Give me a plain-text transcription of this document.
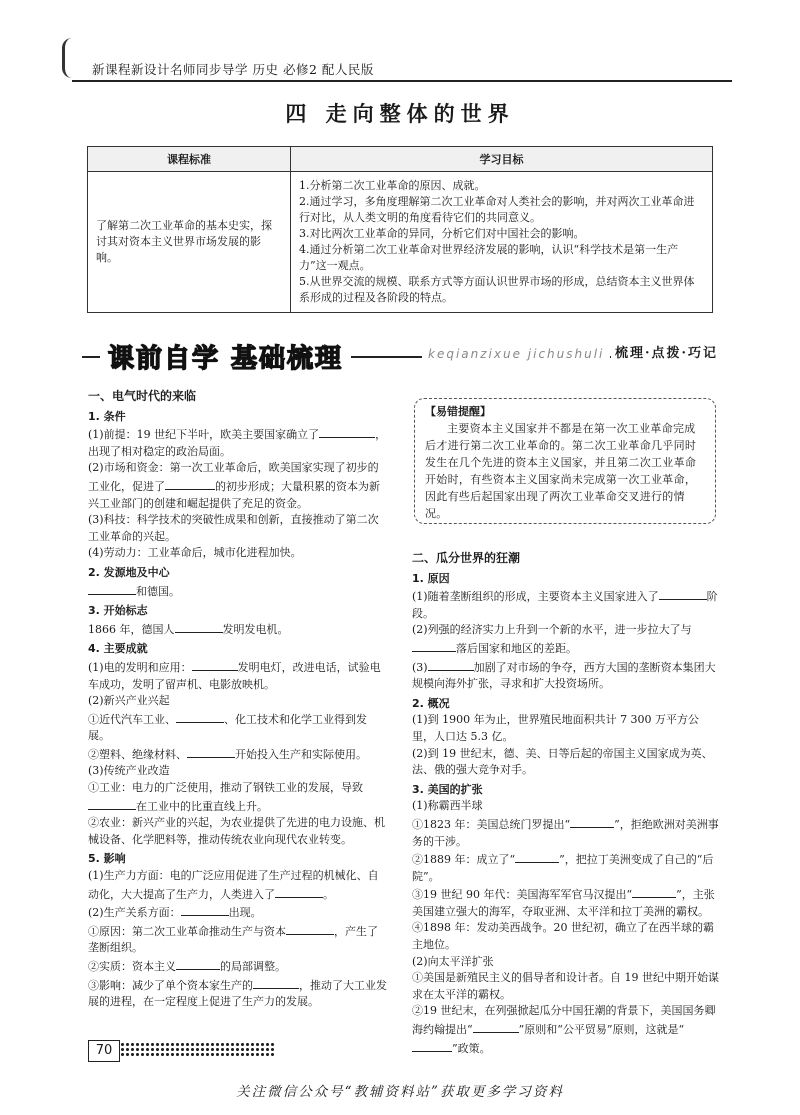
新课程新设计名师同步导学 历史 必修2 配人民版
四 走向整体的世界
课程标准	学习目标
了解第二次工业革命的基本史实，探讨其对资本主义世界市场发展的影响。	1.分析第二次工业革命的原因、成就。

2.通过学习，多角度理解第二次工业革命对人类社会的影响，并对两次工业革命进行对比，从人类文明的角度看待它们的共同意义。

3.对比两次工业革命的异同，分析它们对中国社会的影响。

4.通过分析第二次工业革命对世界经济发展的影响，认识“科学技术是第一生产力”这一观点。

5.从世界交流的规模、联系方式等方面认识世界市场的形成，总结资本主义世界体系形成的过程及各阶段的特点。

课前自学 基础梳理	keqianzixue jichushuli 梳理·点拨·巧记
一、电气时代的来临
1. 条件
(1)前提：19 世纪下半叶，欧美主要国家确立了	，出现了相对稳定的政治局面。
(2)市场和资金：第一次工业革命后，欧美国家实现了初步的工业化，促进了	的初步形成；大量积累的资本为新兴工业部门的创建和崛起提供了充足的资金。
(3)科技：科学技术的突破性成果和创新，直接推动了第二次工业革命的兴起。
(4)劳动力：工业革命后，城市化进程加快。
2. 发源地及中心
和德国。
3. 开始标志
1866 年，德国人	发明发电机。
4. 主要成就
(1)电的发明和应用：	发明电灯，改进电话，试验电车成功，发明了留声机、电影放映机。
(2)新兴产业兴起
①近代汽车工业、	、化工技术和化学工业得到发展。
②塑料、绝缘材料、	开始投入生产和实际使用。
(3)传统产业改造
①工业：电力的广泛使用，推动了钢铁工业的发展，导致在工业中的比重直线上升。
②农业：新兴产业的兴起，为农业提供了先进的电力设施、机械设备、化学肥料等，推动传统农业向现代农业转变。
5. 影响
(1)生产力方面：电的广泛应用促进了生产过程的机械化、自动化，大大提高了生产力，人类进入了	。
(2)生产关系方面：	出现。
①原因：第二次工业革命推动生产与资本	，产生了垄断组织。
②实质：资本主义	的局部调整。
③影响：减少了单个资本家生产的	，推动了大工业发展的进程，在一定程度上促进了生产力的发展。
【易错提醒】
主要资本主义国家并不都是在第一次工业革命完成后才进行第二次工业革命的。第二次工业革命几乎同时发生在几个先进的资本主义国家，并且第二次工业革命开始时，有些资本主义国家尚未完成第一次工业革命，因此有些后起国家出现了两次工业革命交叉进行的情况。
二、瓜分世界的狂潮
1. 原因
(1)随着垄断组织的形成，主要资本主义国家进入了	阶段。
(2)列强的经济实力上升到一个新的水平，进一步拉大了与落后国家和地区的差距。
(3)	加剧了对市场的争夺，西方大国的垄断资本集团大规模向海外扩张，寻求和扩大投资场所。
2. 概况
(1)到 1900 年为止，世界殖民地面积共计 7 300 万平方公里，人口达 5.3 亿。
(2)到 19 世纪末，德、美、日等后起的帝国主义国家成为英、法、俄的强大竞争对手。
3. 美国的扩张
(1)称霸西半球
①1823 年：美国总统门罗提出“	”，拒绝欧洲对美洲事务的干涉。
②1889 年：成立了“	”，把拉丁美洲变成了自己的“后院”。
③19 世纪 90 年代：美国海军军官马汉提出“	”，主张美国建立强大的海军，夺取亚洲、太平洋和拉丁美洲的霸权。
④1898 年：发动美西战争。20 世纪初，确立了在西半球的霸主地位。
(2)向太平洋扩张
①美国是新殖民主义的倡导者和设计者。自 19 世纪中期开始谋求在太平洋的霸权。
②19 世纪末，在列强掀起瓜分中国狂潮的背景下，美国国务卿海约翰提出“	”原则和“公平贸易”原则，这就是“”政策。
70
关注微信公众号“教辅资料站”获取更多学习资料
